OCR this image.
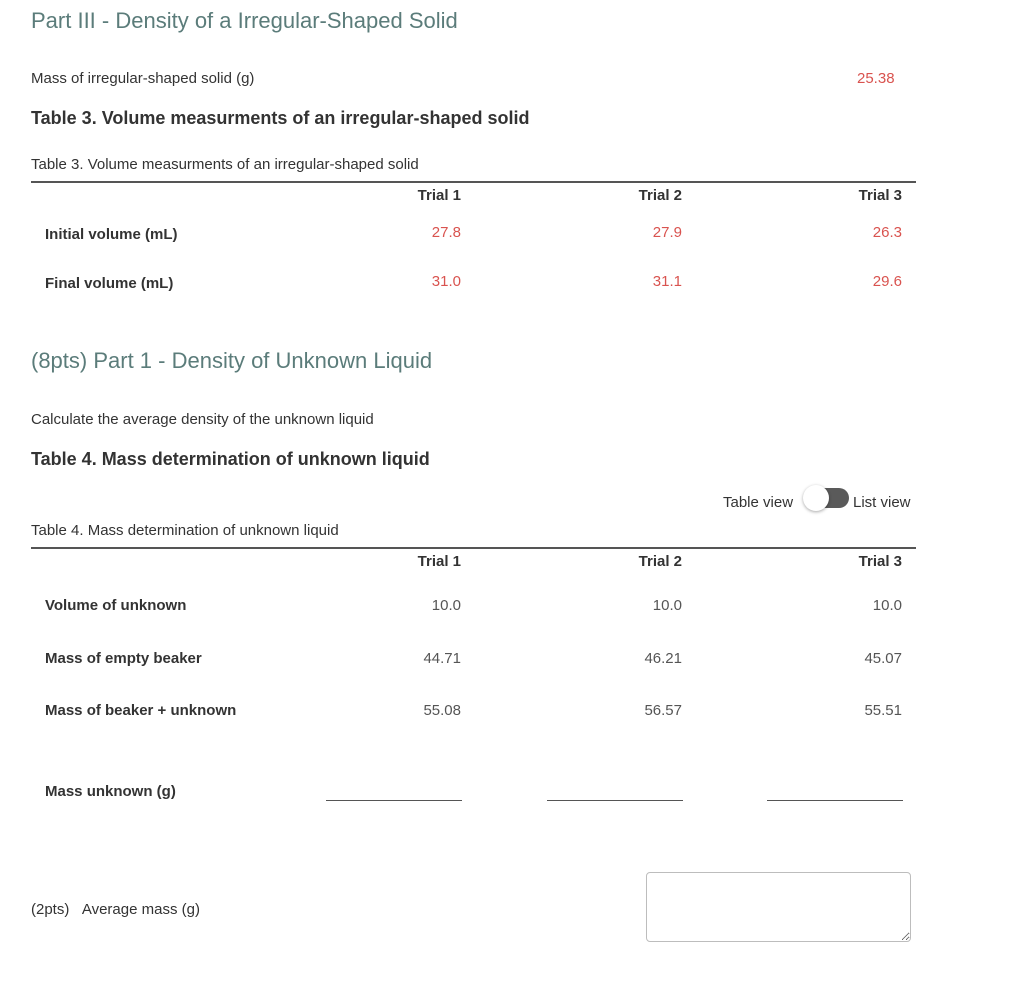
Part III - Density of a Irregular-Shaped Solid
Mass of irregular-shaped solid (g)	25.38
Table 3. Volume measurments of an irregular-shaped solid
Table 3. Volume measurments of an irregular-shaped solid
Trial 1	Trial 2	Trial 3
Initial volume (mL)	27.8	27.9	26.3
Final volume (mL)	31.0	31.1	29.6
(8pts) Part 1 - Density of Unknown Liquid
Calculate the average density of the unknown liquid
Table 4. Mass determination of unknown liquid
Table view	List view
Table 4. Mass determination of unknown liquid
Trial 1	Trial 2	Trial 3
Volume of unknown	10.0	10.0	10.0
Mass of empty beaker	44.71	46.21	45.07
Mass of beaker + unknown	55.08	56.57	55.51
Mass unknown (g)
(2pts) Average mass (g)
